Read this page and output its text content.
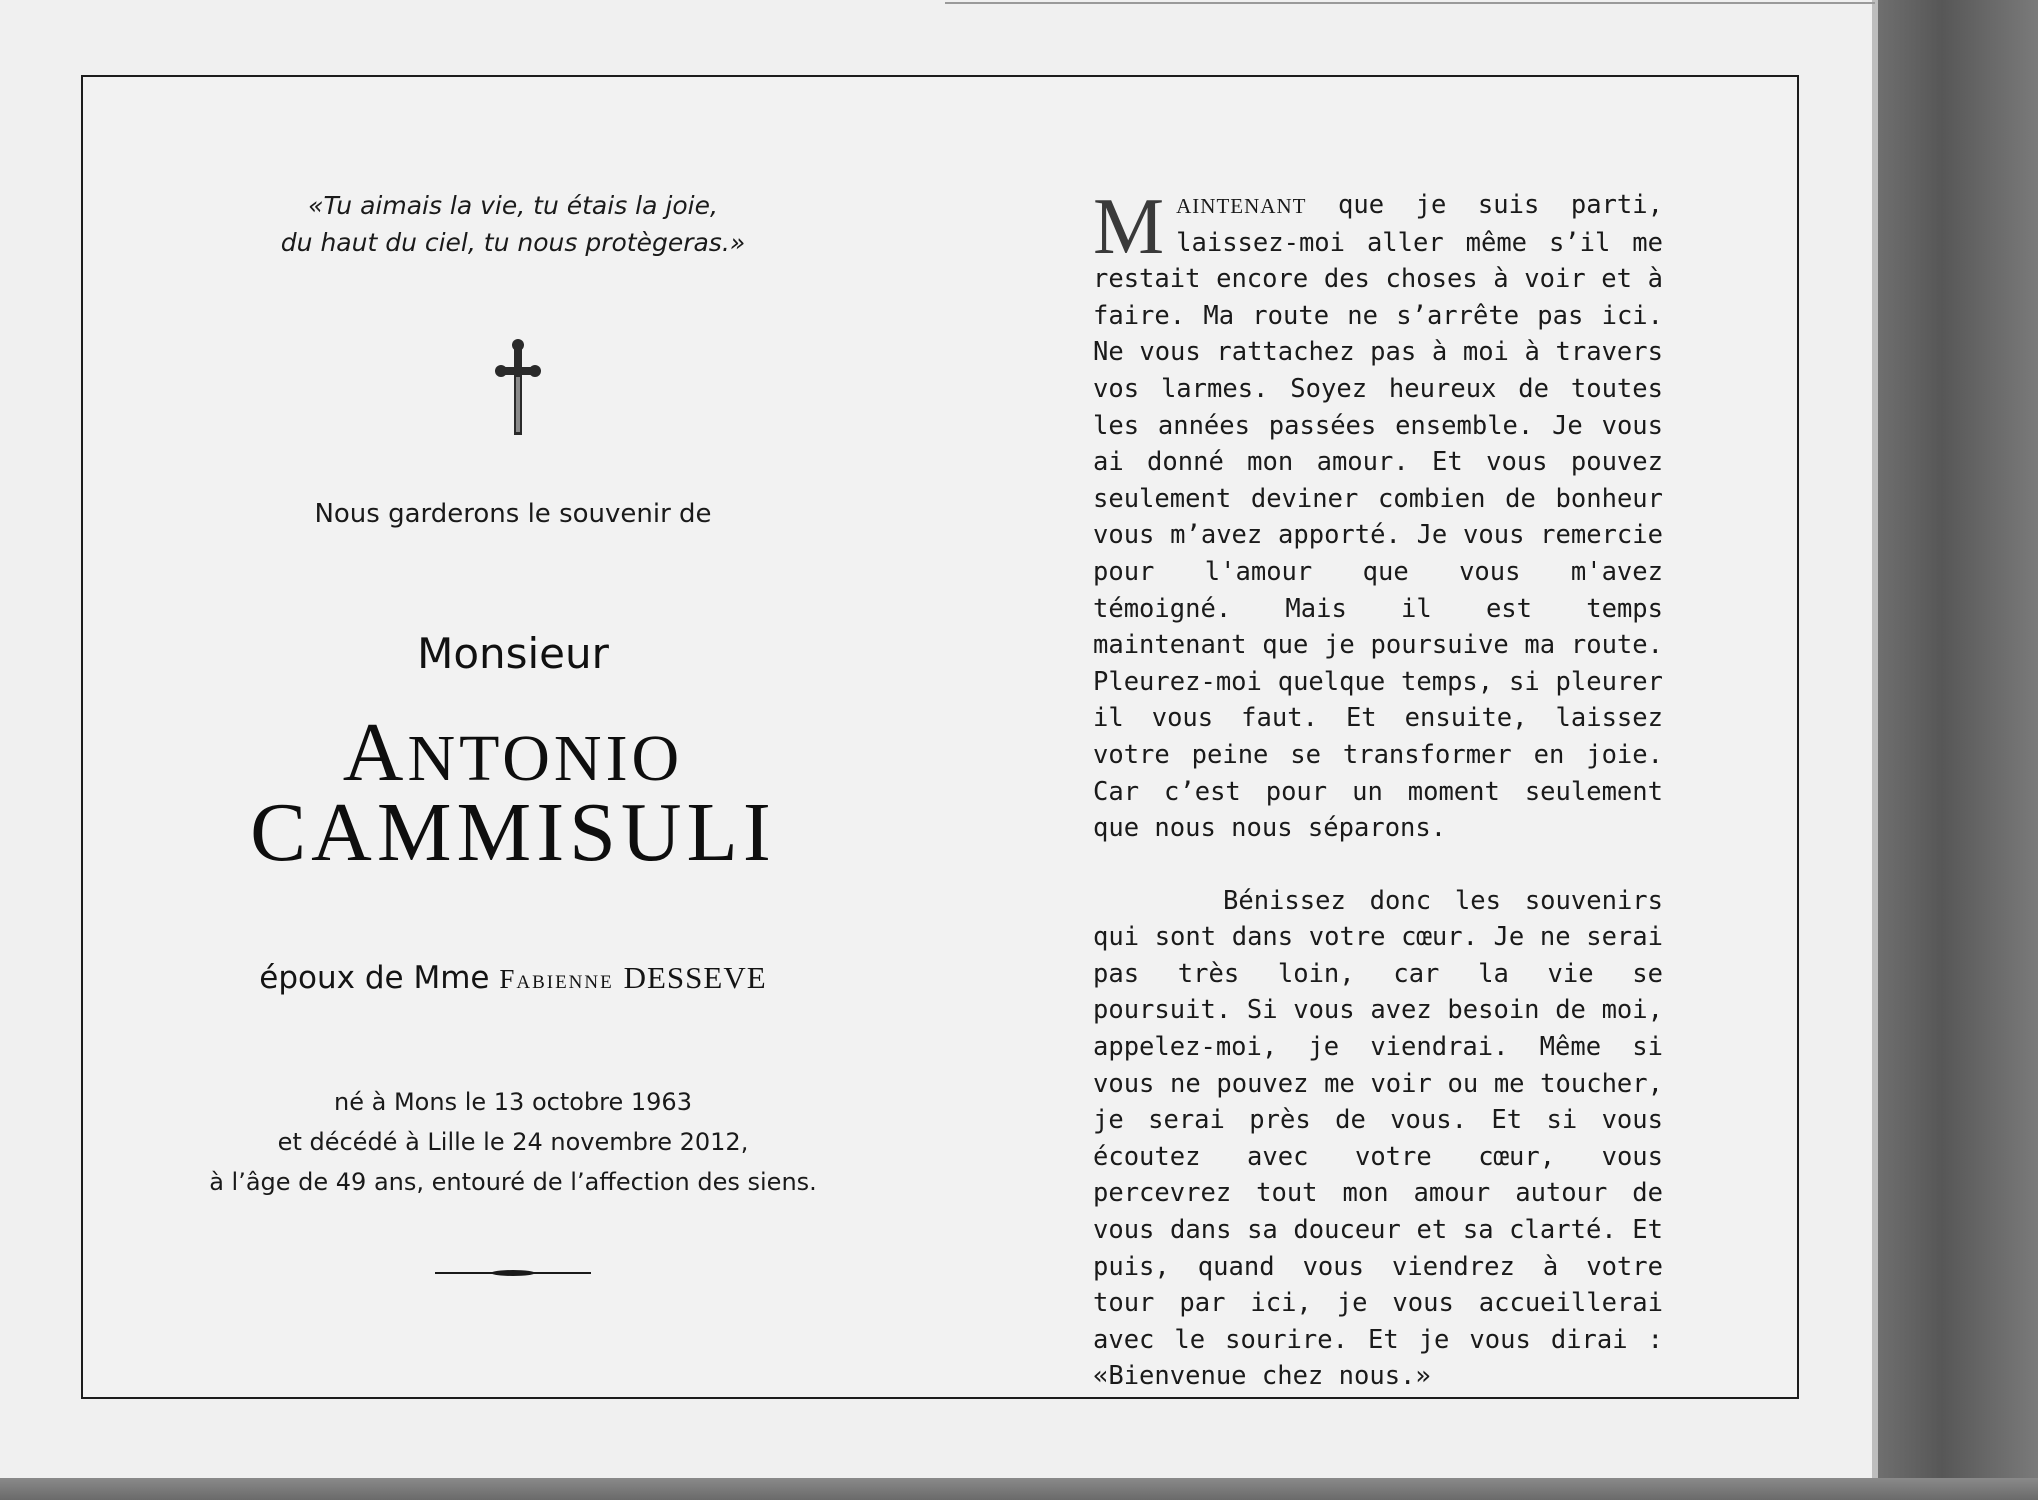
«Tu aimais la vie, tu étais la joie,
du haut du ciel, tu nous protègeras.»
Nous garderons le souvenir de
Monsieur
ANTONIO
CAMMISULI
époux de Mme Fabienne DESSEVE
né à Mons le 13 octobre 1963
et décédé à Lille le 24 novembre 2012,
à l’âge de 49 ans, entouré de l’affection des siens.

MAINTENANT que je suis parti, laissez-moi aller même s’il me restait encore des choses à voir et à faire. Ma route ne s’arrête pas ici. Ne vous rattachez pas à moi à travers vos larmes. Soyez heureux de toutes les années passées ensemble. Je vous ai donné mon amour. Et vous pouvez seulement deviner combien de bonheur vous m’avez apporté. Je vous remercie pour l'amour que vous m'avez témoigné. Mais il est temps maintenant que je poursuive ma route. Pleurez-moi quelque temps, si pleurer il vous faut. Et ensuite, laissez votre peine se transformer en joie. Car c’est pour un moment seulement que nous nous séparons.

Bénissez donc les souvenirs qui sont dans votre cœur. Je ne serai pas très loin, car la vie se poursuit. Si vous avez besoin de moi, appelez-moi, je viendrai. Même si vous ne pouvez me voir ou me toucher, je serai près de vous. Et si vous écoutez avec votre cœur, vous percevrez tout mon amour autour de vous dans sa douceur et sa clarté. Et puis, quand vous viendrez à votre tour par ici, je vous accueillerai avec le sourire. Et je vous dirai : «Bienvenue chez nous.»
